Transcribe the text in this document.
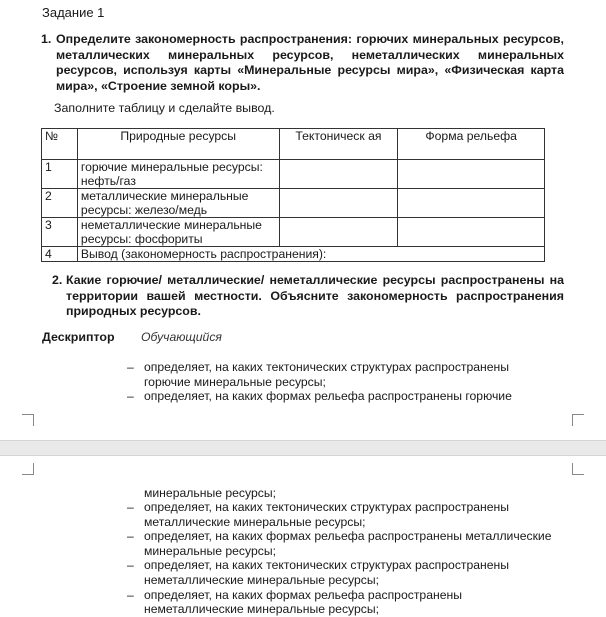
Задание 1
1. Определите закономерность распространения: горючих минеральных ресурсов, металлических минеральных ресурсов, неметаллических минеральных ресурсов, используя карты «Минеральные ресурсы мира», «Физическая карта мира», «Строение земной коры».
Заполните таблицу и сделайте вывод.
№	Природные ресурсы	Тектоническ ая	Форма рельефа
1	горючие минеральные ресурсы: нефть/газ		
2	металлические минеральные ресурсы: железо/медь		
3	неметаллические минеральные ресурсы: фосфориты		
4	Вывод (закономерность распространения):		
2. Какие горючие/ металлические/ неметаллические ресурсы распространены на территории вашей местности. Объясните закономерность распространения природных ресурсов.
Дескриптор Обучающийся
– определяет, на каких тектонических структурах распространены горючие минеральные ресурсы;
– определяет, на каких формах рельефа распространены горючие
минеральные ресурсы;
– определяет, на каких тектонических структурах распространены металлические минеральные ресурсы;
– определяет, на каких формах рельефа распространены металлические минеральные ресурсы;
– определяет, на каких тектонических структурах распространены неметаллические минеральные ресурсы;
– определяет, на каких формах рельефа распространены неметаллические минеральные ресурсы;
